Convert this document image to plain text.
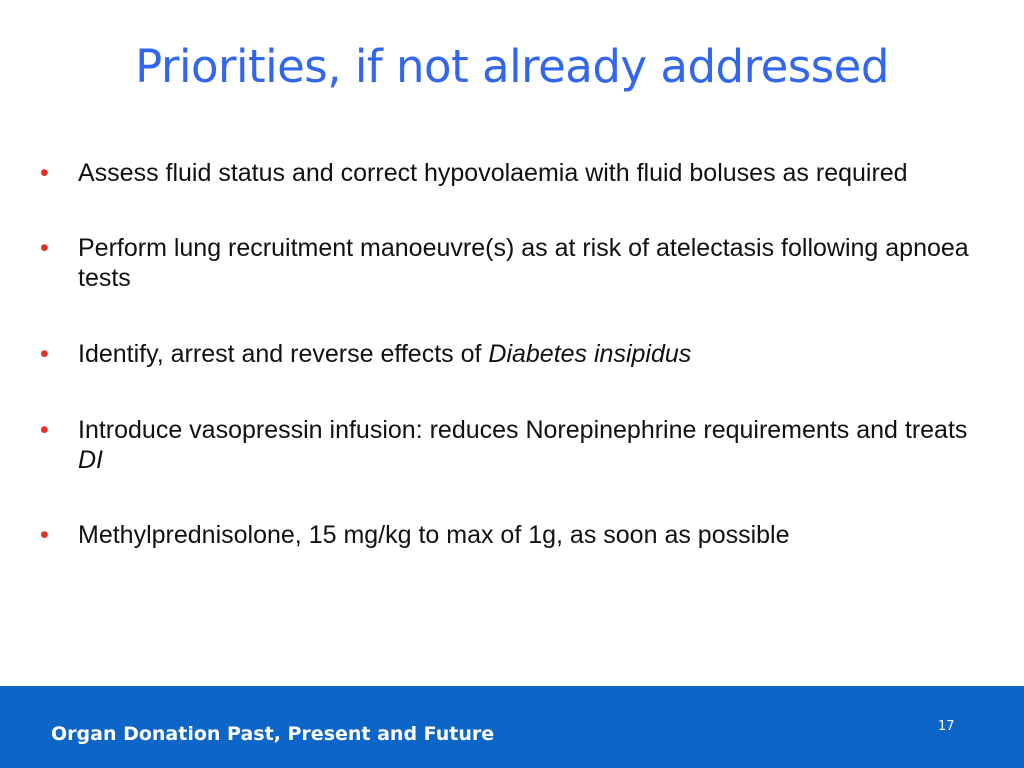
Priorities, if not already addressed
• Assess fluid status and correct hypovolaemia with fluid boluses as required
• Perform lung recruitment manoeuvre(s) as at risk of atelectasis following apnoea tests
• Identify, arrest and reverse effects of Diabetes insipidus
• Introduce vasopressin infusion: reduces Norepinephrine requirements and treats DI
• Methylprednisolone, 15 mg/kg to max of 1g, as soon as possible
Organ Donation Past, Present and Future	17
